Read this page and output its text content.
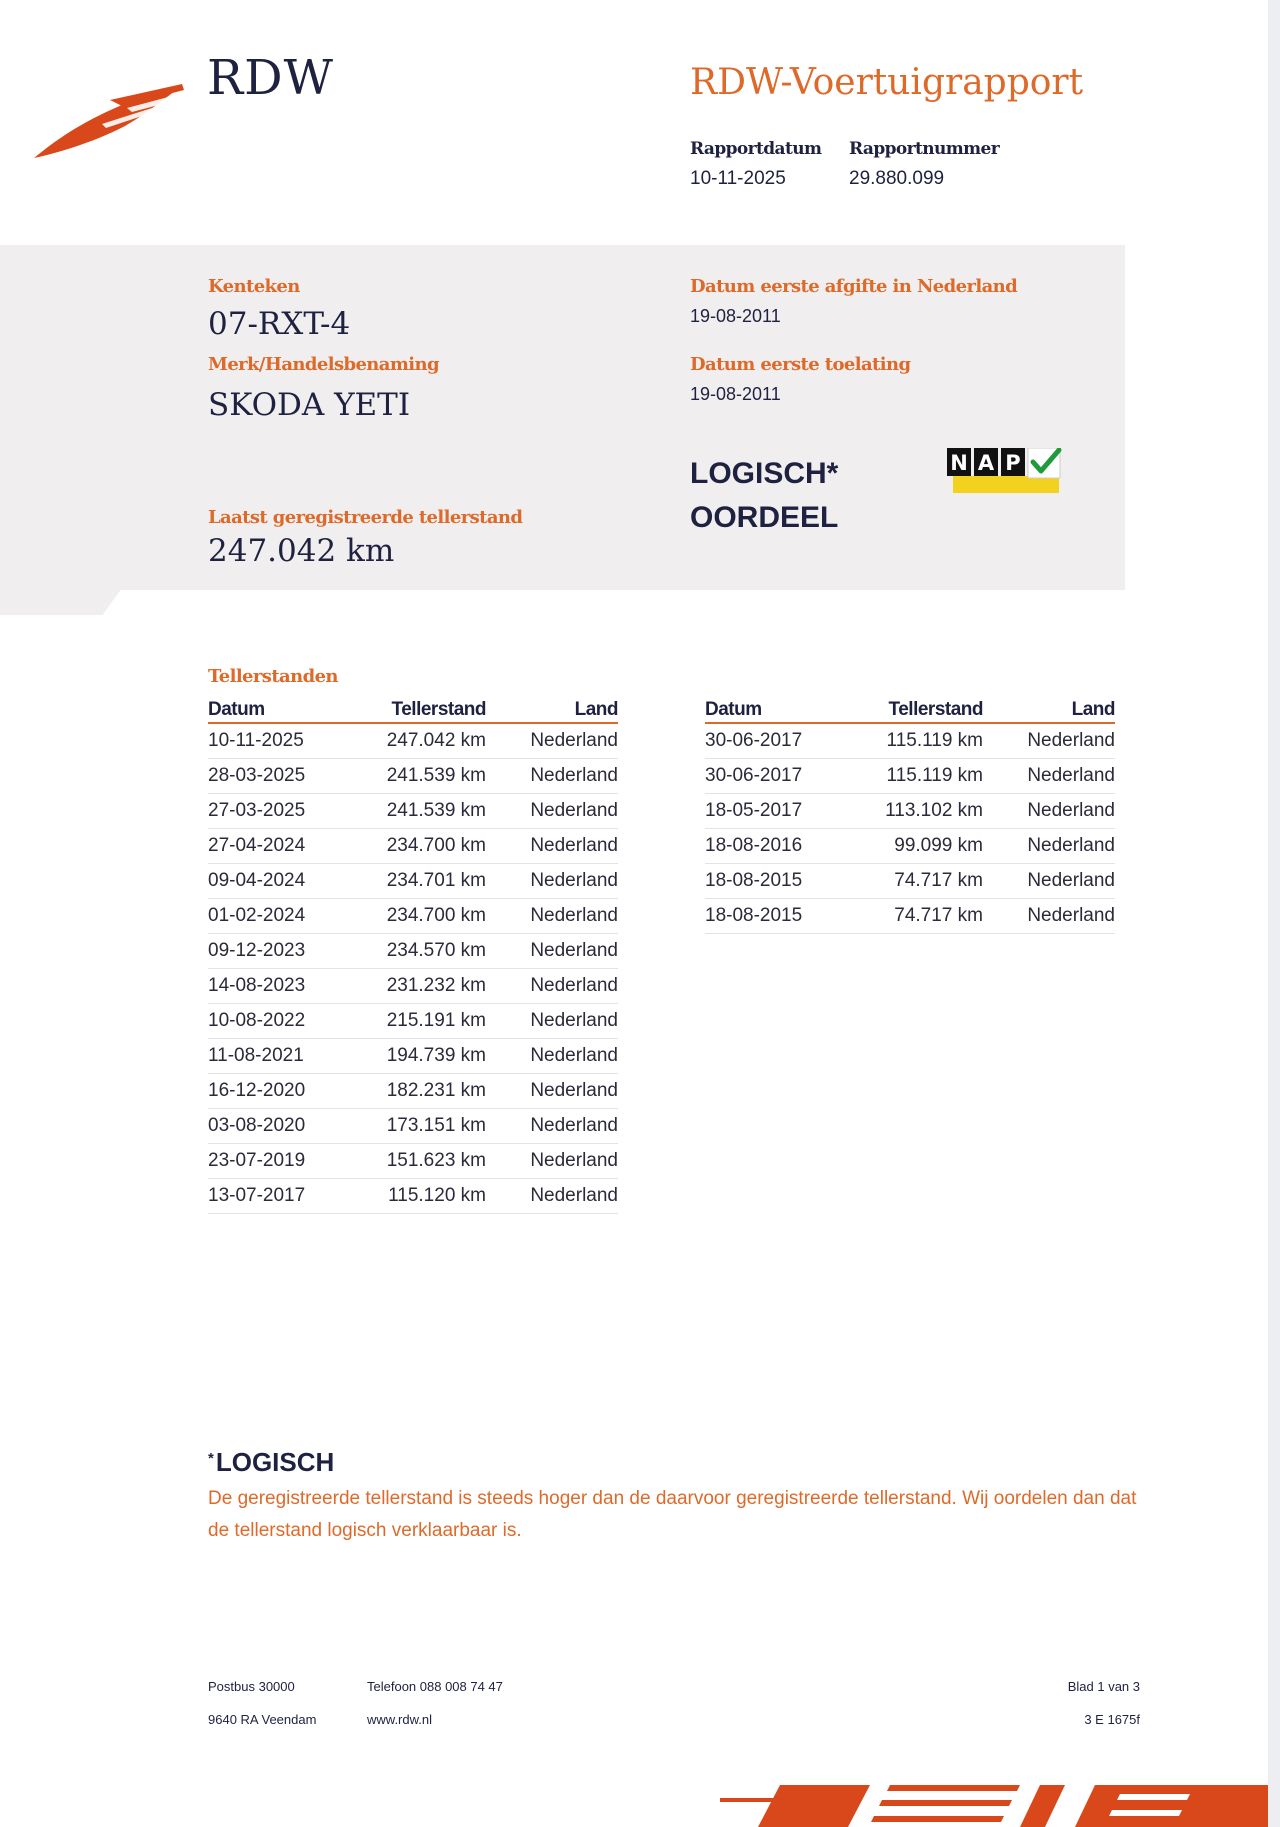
RDW	RDW-Voertuigrapport
Rapportdatum
10-11-2025
Rapportnummer
29.880.099
Kenteken
07-RXT-4
Merk/Handelsbenaming
SKODA YETI
Datum eerste afgifte in Nederland
19-08-2011
Datum eerste toelating
19-08-2011
LOGISCH*
OORDEEL
N A P
Laatst geregistreerde tellerstand
247.042 km
Tellerstanden
Datum	Tellerstand	Land
10-11-2025	247.042 km	Nederland
28-03-2025	241.539 km	Nederland
27-03-2025	241.539 km	Nederland
27-04-2024	234.700 km	Nederland
09-04-2024	234.701 km	Nederland
01-02-2024	234.700 km	Nederland
09-12-2023	234.570 km	Nederland
14-08-2023	231.232 km	Nederland
10-08-2022	215.191 km	Nederland
11-08-2021	194.739 km	Nederland
16-12-2020	182.231 km	Nederland
03-08-2020	173.151 km	Nederland
23-07-2019	151.623 km	Nederland
13-07-2017	115.120 km	Nederland
Datum	Tellerstand	Land
30-06-2017	115.119 km	Nederland
30-06-2017	115.119 km	Nederland
18-05-2017	113.102 km	Nederland
18-08-2016	99.099 km	Nederland
18-08-2015	74.717 km	Nederland
18-08-2015	74.717 km	Nederland
*LOGISCH
De geregistreerde tellerstand is steeds hoger dan de daarvoor geregistreerde tellerstand. Wij oordelen dan dat de tellerstand logisch verklaarbaar is.
Postbus 30000
9640 RA Veendam
Telefoon 088 008 74 47
www.rdw.nl
Blad 1 van 3
3 E 1675f
